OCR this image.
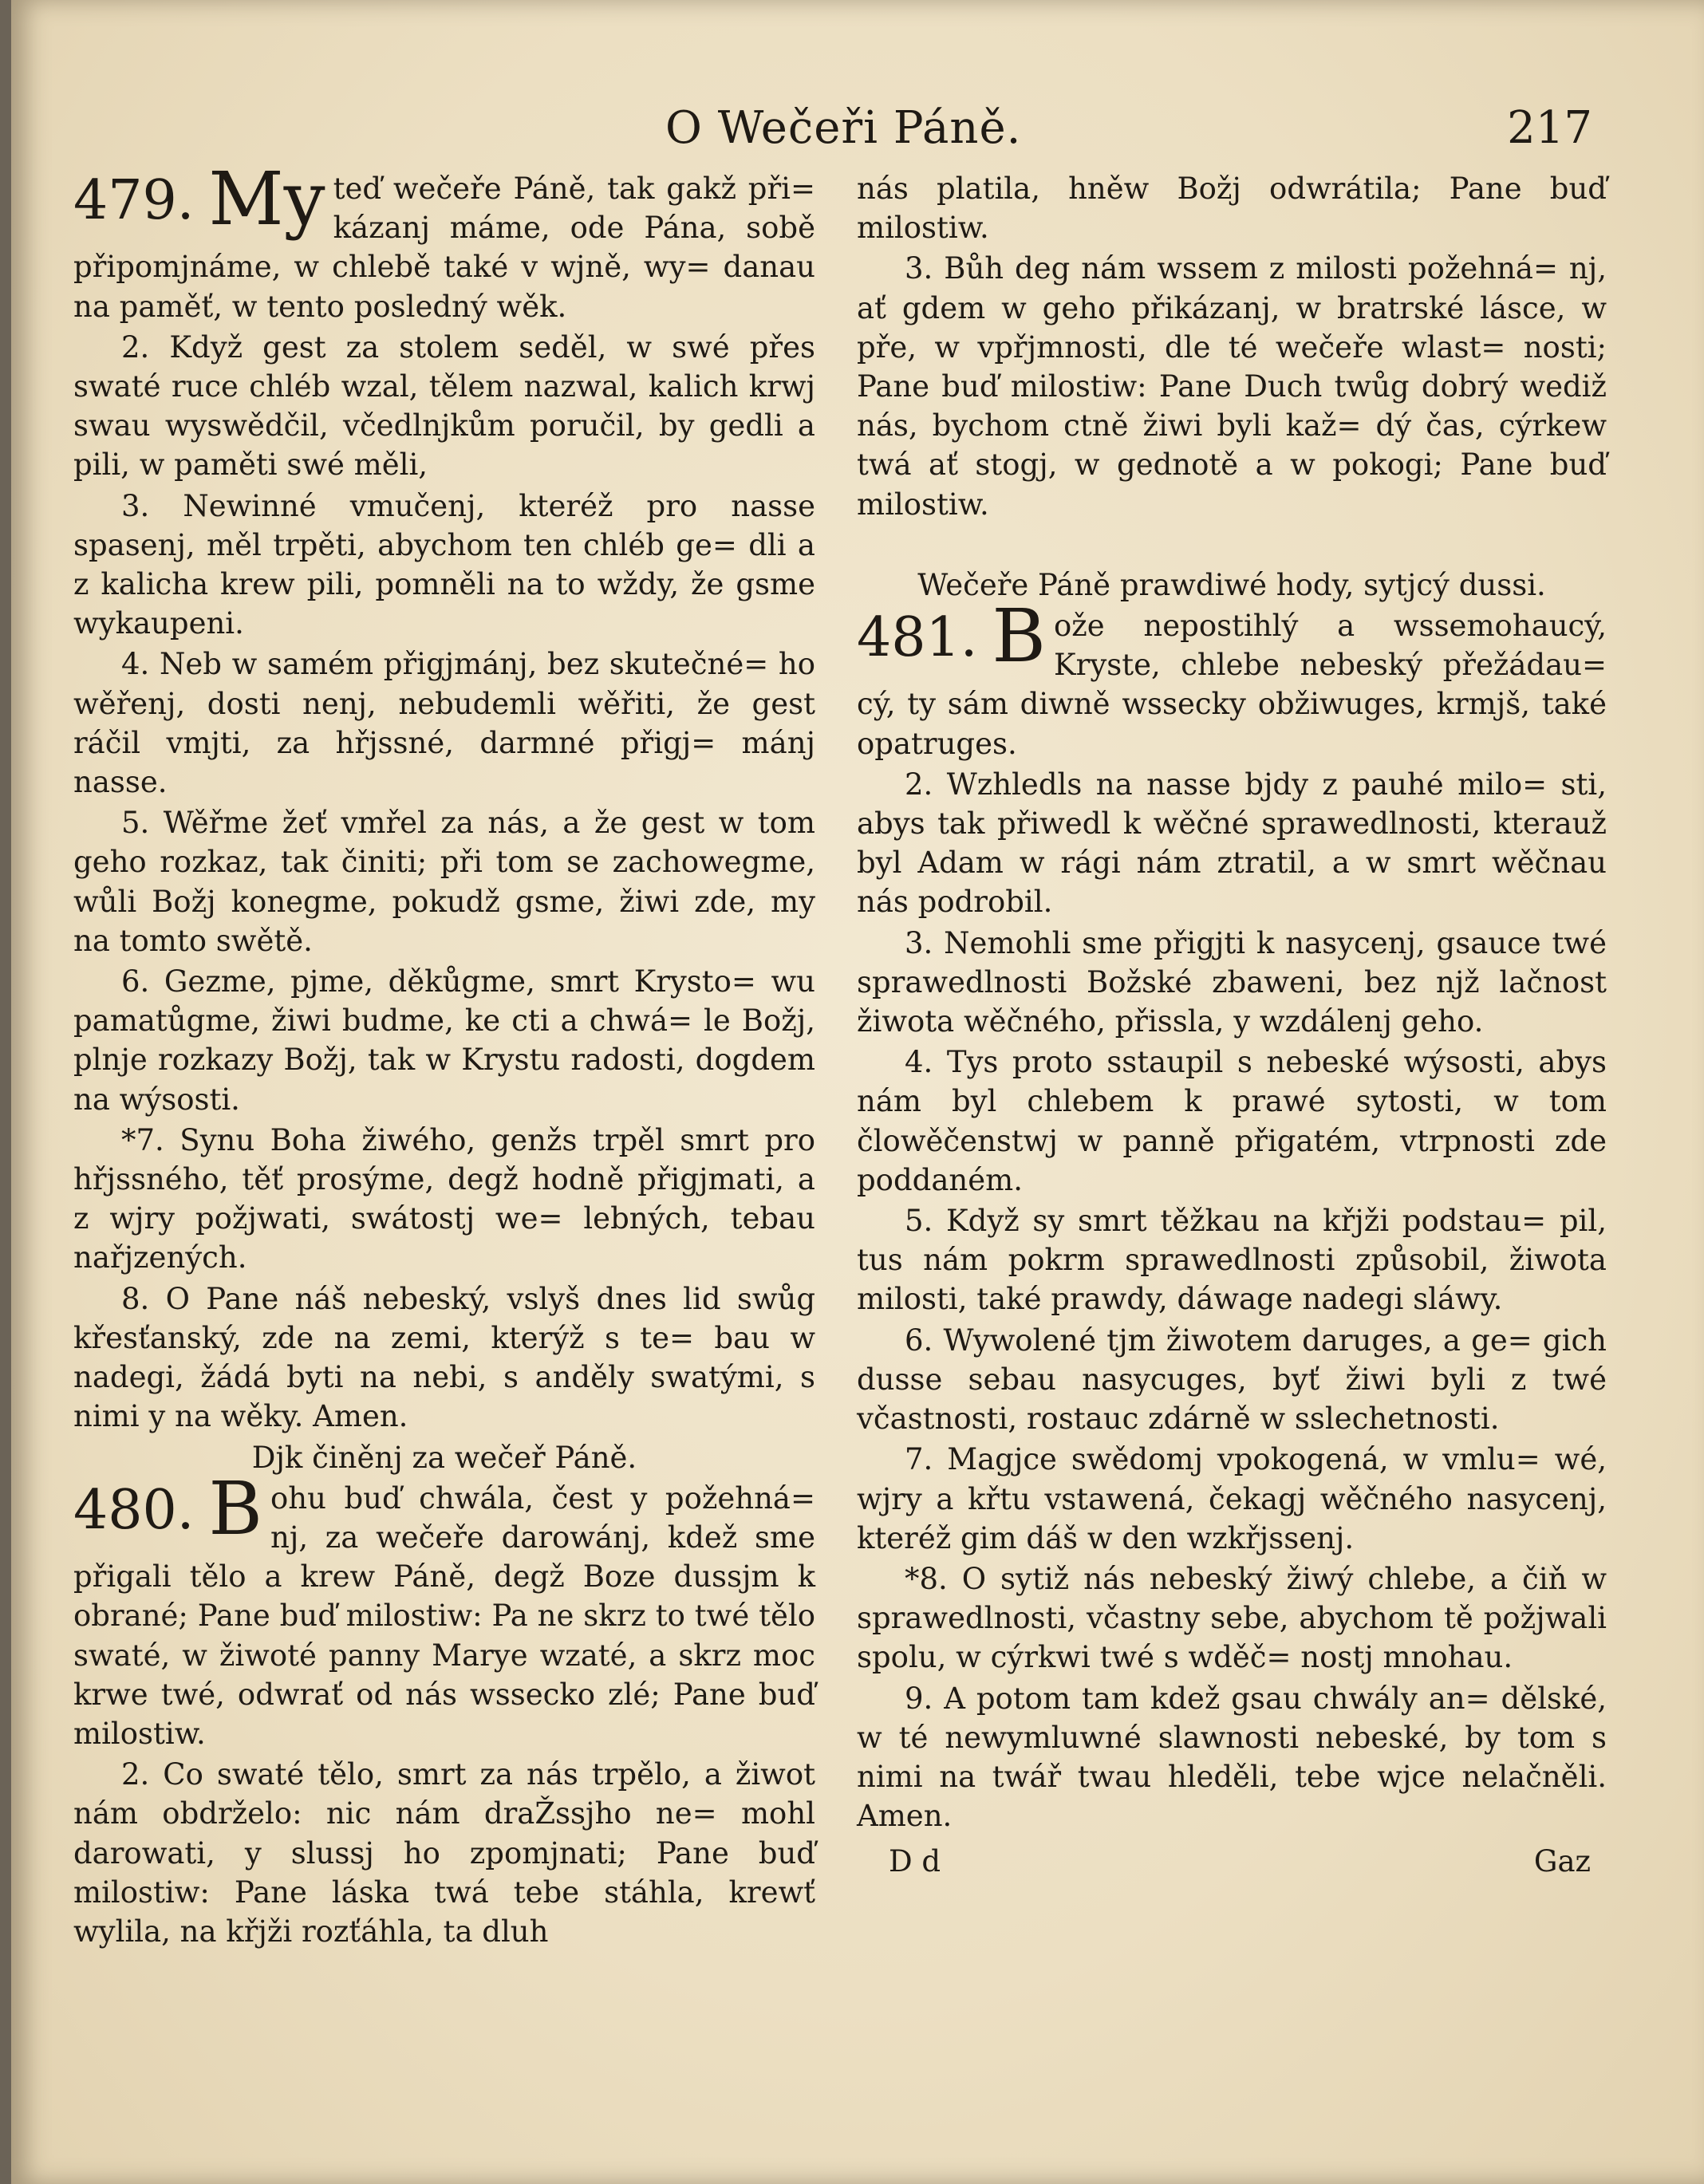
O Wečeři Páně.	217

479. My teď wečeře Páně, tak gakž při= kázanj máme, ode Pána, sobě připomjnáme, w chlebě také v wjně, wy= danau na paměť, w tento posledný wěk.

2. Když gest za stolem seděl, w swé přes swaté ruce chléb wzal, tělem nazwal, kalich krwj swau wyswědčil, včedlnjkům poručil, by gedli a pili, w paměti swé měli,

3. Newinné vmučenj, kteréž pro nasse spasenj, měl trpěti, abychom ten chléb ge= dli a z kalicha krew pili, pomněli na to wždy, že gsme wykaupeni.

4. Neb w samém přigjmánj, bez skutečné= ho wěřenj, dosti nenj, nebudemli wěřiti, že gest ráčil vmjti, za hřjssné, darmné přigj= mánj nasse.

5. Wěřme žeť vmřel za nás, a že gest w tom geho rozkaz, tak činiti; při tom se zachowegme, wůli Božj konegme, pokudž gsme, žiwi zde, my na tomto swětě.

6. Gezme, pjme, děkůgme, smrt Krysto= wu pamatůgme, žiwi budme, ke cti a chwá= le Božj, plnje rozkazy Božj, tak w Krystu radosti, dogdem na wýsosti.

*7. Synu Boha žiwého, genžs trpěl smrt pro hřjssného, těť prosýme, degž hodně přigjmati, a z wjry požjwati, swátostj we= lebných, tebau nařjzených.

8. O Pane náš nebeský, vslyš dnes lid swůg křesťanský, zde na zemi, kterýž s te= bau w nadegi, žádá byti na nebi, s anděly swatými, s nimi y na wěky. Amen.

Djk činěnj za wečeř Páně.

480. B ohu buď chwála, čest y požehná= nj, za wečeře darowánj, kdež sme přigali tělo a krew Páně, degž Boze dussjm k obrané; Pane buď milostiw: Pa ne skrz to twé tělo swaté, w žiwoté panny Marye wzaté, a skrz moc krwe twé, odwrať od nás wssecko zlé; Pane buď milostiw.

2. Co swaté tělo, smrt za nás trpělo, a žiwot nám obdrželo: nic nám draŽssjho ne= mohl darowati, y slussj ho zpomjnati; Pane buď milostiw: Pane láska twá tebe stáhla, krewť wylila, na křjži rozťáhla, ta dluh

nás platila, hněw Božj odwrátila; Pane buď milostiw.

3. Bůh deg nám wssem z milosti požehná= nj, ať gdem w geho přikázanj, w bratrské lásce, w pře, w vpřjmnosti, dle té wečeře wlast= nosti; Pane buď milostiw: Pane Duch twůg dobrý wediž nás, bychom ctně žiwi byli kaž= dý čas, cýrkew twá ať stogj, w gednotě a w pokogi; Pane buď milostiw.

Wečeře Páně prawdiwé hody, sytjcý dussi.

481. B ože nepostihlý a wssemohaucý, Kryste, chlebe nebeský přežádau= cý, ty sám diwně wssecky obžiwuges, krmjš, také opatruges.

2. Wzhledls na nasse bjdy z pauhé milo= sti, abys tak přiwedl k wěčné sprawedlnosti, kterauž byl Adam w rági nám ztratil, a w smrt wěčnau nás podrobil.

3. Nemohli sme přigjti k nasycenj, gsauce twé sprawedlnosti Božské zbaweni, bez njž lačnost žiwota wěčného, přissla, y wzdálenj geho.

4. Tys proto sstaupil s nebeské wýsosti, abys nám byl chlebem k prawé sytosti, w tom člowěčenstwj w panně přigatém, vtrpnosti zde poddaném.

5. Když sy smrt těžkau na křjži podstau= pil, tus nám pokrm sprawedlnosti způsobil, žiwota milosti, také prawdy, dáwage nadegi sláwy.

6. Wywolené tjm žiwotem daruges, a ge= gich dusse sebau nasycuges, byť žiwi byli z twé včastnosti, rostauc zdárně w sslechetnosti.

7. Magjce swědomj vpokogená, w vmlu= wé, wjry a křtu vstawená, čekagj wěčného nasycenj, kteréž gim dáš w den wzkřjssenj.

*8. O sytiž nás nebeský žiwý chlebe, a čiň w sprawedlnosti, včastny sebe, abychom tě požjwali spolu, w cýrkwi twé s wděč= nostj mnohau.

9. A potom tam kdež gsau chwály an= dělské, w té newymluwné slawnosti nebeské, by tom s nimi na twář twau hleděli, tebe wjce nelačněli. Amen.

D d	Gaz
